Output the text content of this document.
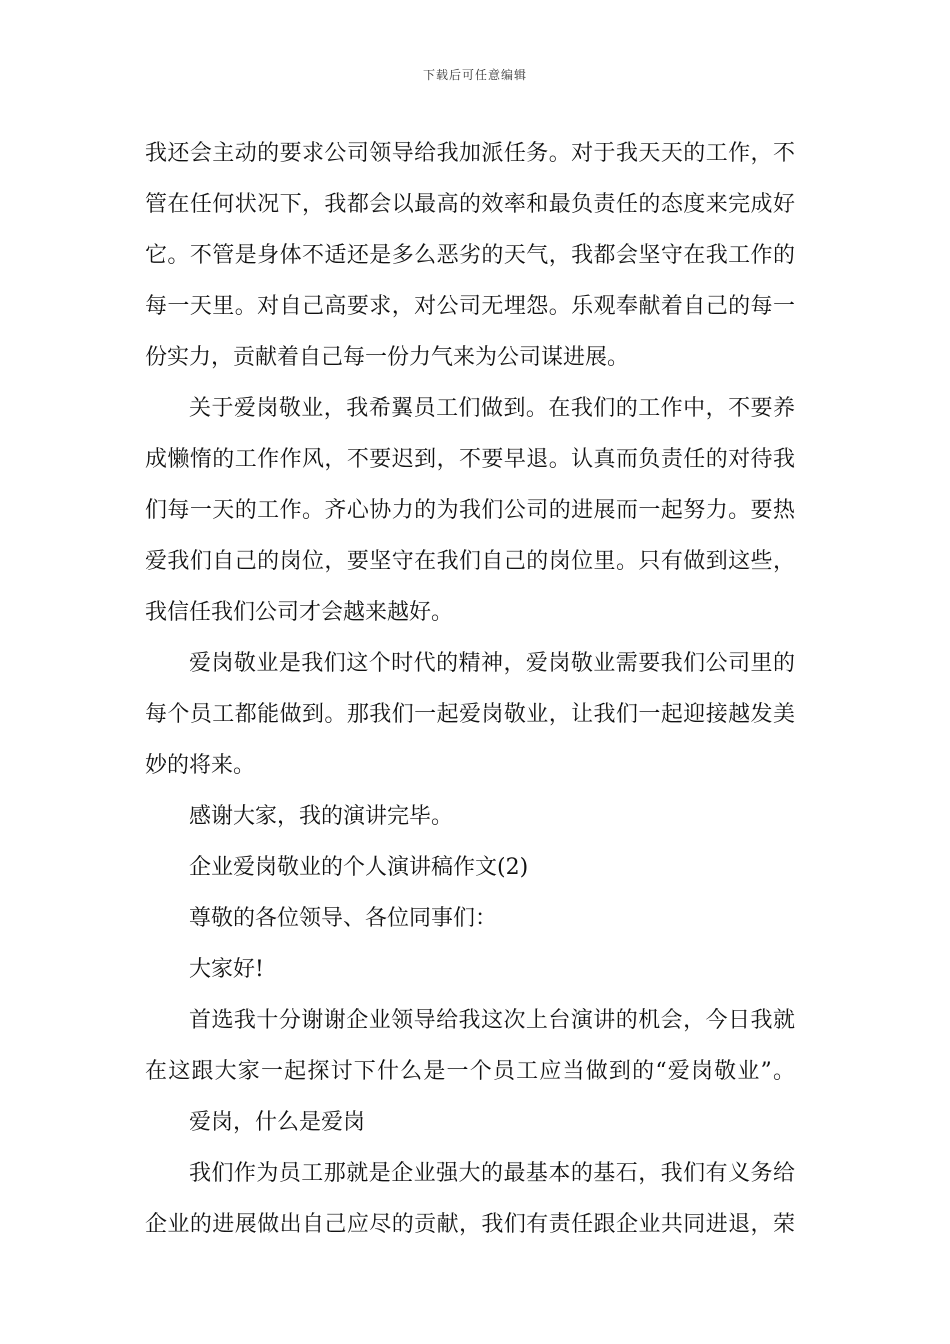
下载后可任意编辑
我还会主动的要求公司领导给我加派任务。对于我天天的工作，不
管在任何状况下，我都会以最高的效率和最负责任的态度来完成好
它。不管是身体不适还是多么恶劣的天气，我都会坚守在我工作的
每一天里。对自己高要求，对公司无埋怨。乐观奉献着自己的每一
份实力，贡献着自己每一份力气来为公司谋进展。
关于爱岗敬业，我希翼员工们做到。在我们的工作中，不要养
成懒惰的工作作风，不要迟到，不要早退。认真而负责任的对待我
们每一天的工作。齐心协力的为我们公司的进展而一起努力。要热
爱我们自己的岗位，要坚守在我们自己的岗位里。只有做到这些，
我信任我们公司才会越来越好。
爱岗敬业是我们这个时代的精神，爱岗敬业需要我们公司里的
每个员工都能做到。那我们一起爱岗敬业，让我们一起迎接越发美
妙的将来。
感谢大家，我的演讲完毕。
企业爱岗敬业的个人演讲稿作文(2)
尊敬的各位领导、各位同事们：
大家好!
首选我十分谢谢企业领导给我这次上台演讲的机会，今日我就
在这跟大家一起探讨下什么是一个员工应当做到的“爱岗敬业”。
爱岗，什么是爱岗
我们作为员工那就是企业强大的最基本的基石，我们有义务给
企业的进展做出自己应尽的贡献，我们有责任跟企业共同进退，荣
